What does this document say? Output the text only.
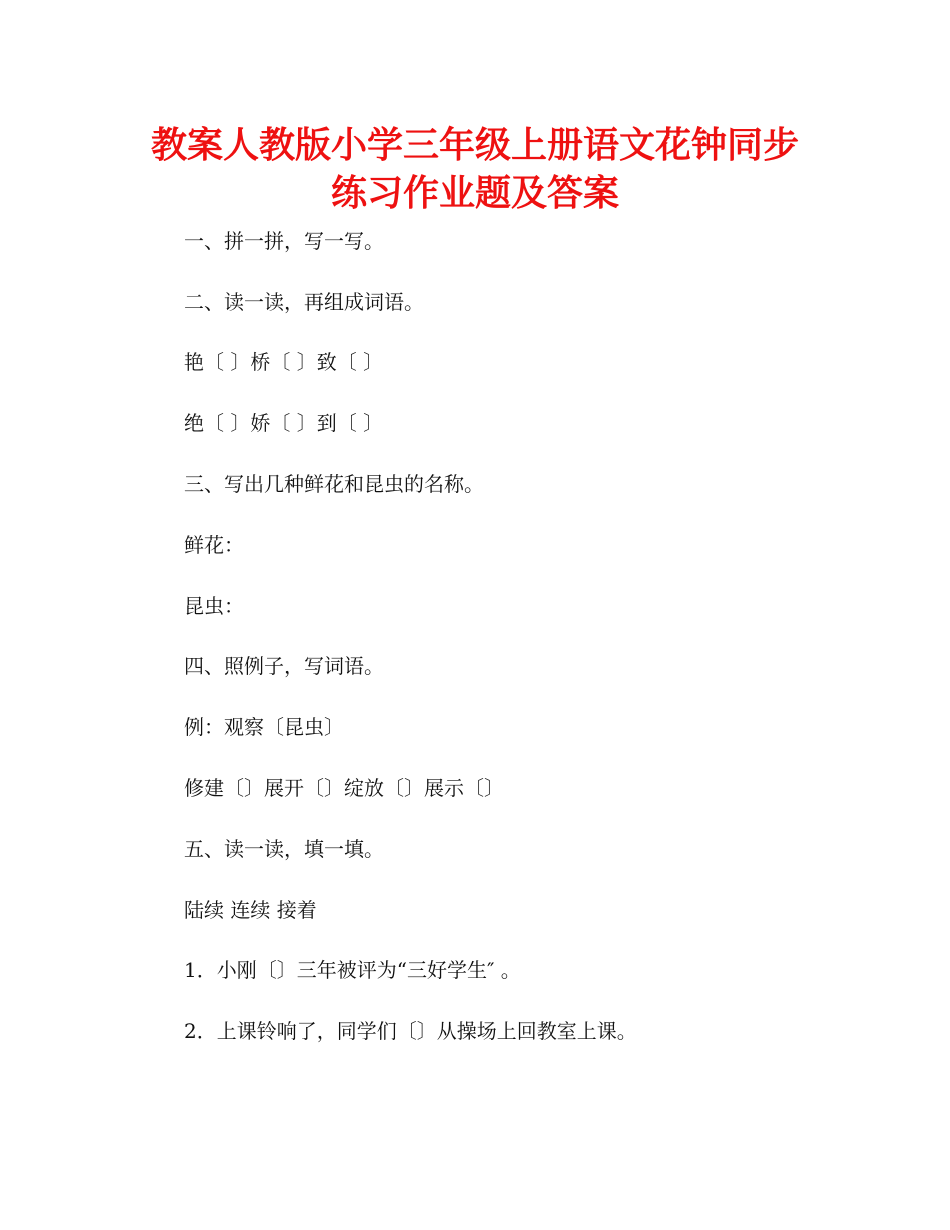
教案人教版小学三年级上册语文花钟同步
练习作业题及答案

一、拼一拼，写一写。

二、读一读，再组成词语。

艳〔 〕桥〔 〕致〔 〕

绝〔 〕娇〔 〕到〔 〕

三、写出几种鲜花和昆虫的名称。

鲜花：

昆虫：

四、照例子，写词语。

例：观察〔昆虫〕

修建〔〕展开〔〕绽放〔〕展示〔〕

五、读一读，填一填。

陆续 连续 接着

1．小刚〔〕三年被评为“三好学生″ 。

2．上课铃响了，同学们〔〕从操场上回教室上课。
